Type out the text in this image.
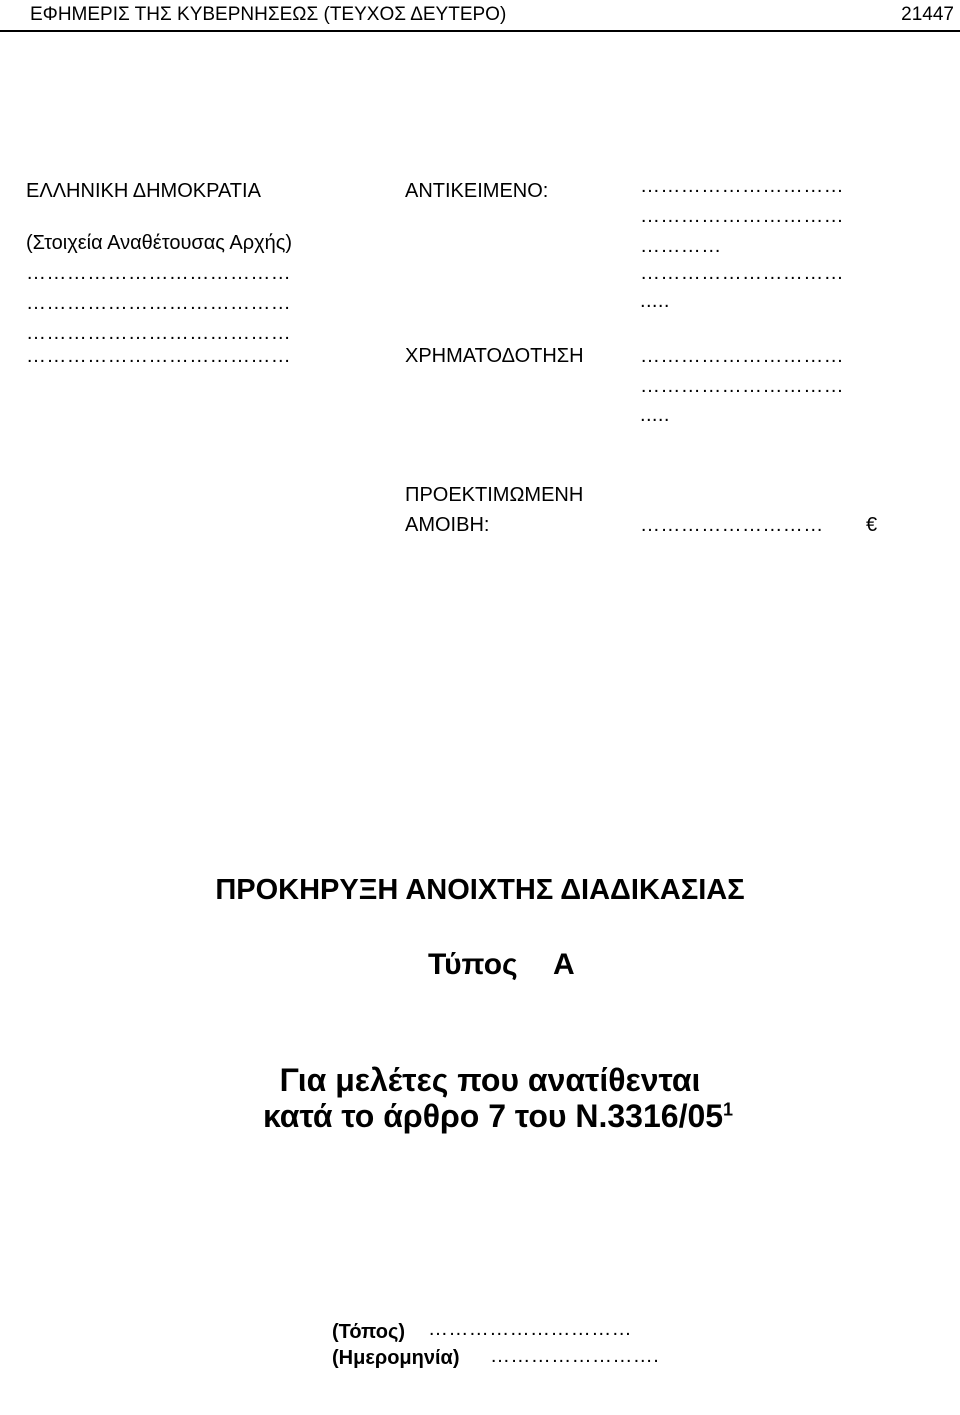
ΕΦΗΜΕΡΙΣ ΤΗΣ ΚΥΒΕΡΝΗΣΕΩΣ (ΤΕΥΧΟΣ ΔΕΥΤΕΡΟ)	21447
ΕΛΛΗΝΙΚΗ ΔΗΜΟΚΡΑΤΙΑ
(Στοιχεία Αναθέτουσας Αρχής)
…………………………………
…………………………………
…………………………………
…………………………………
ΑΝΤΙΚΕΙΜΕΝΟ:	…………………………
…………………………
…………
…………………………
.....
ΧΡΗΜΑΤΟΔΟΤΗΣΗ	…………………………
…………………………
.....
ΠΡΟΕΚΤΙΜΩΜΕΝΗ
ΑΜΟΙΒΗ:	……………………… €
ΠΡΟΚΗΡΥΞΗ ΑΝΟΙΧΤΗΣ ΔΙΑΔΙΚΑΣΙΑΣ
Τύπος Α
Για μελέτες που ανατίθενται
κατά το άρθρο 7 του $N.3316/05^1$
(Τόπος) …………………………
(Ημερομηνία) …………………….
